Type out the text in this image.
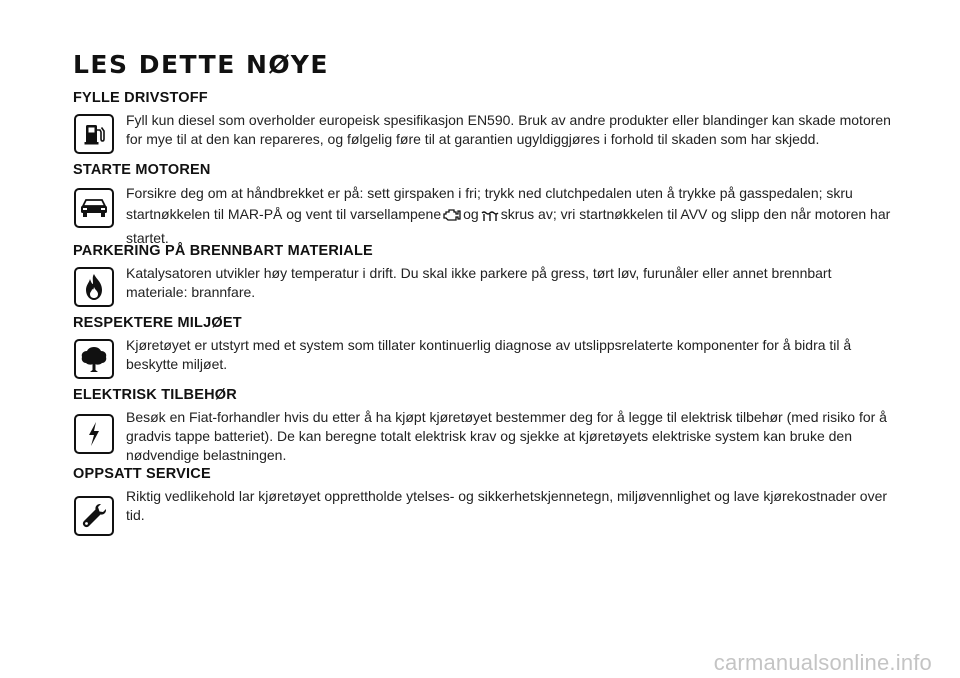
LES DETTE NØYE
FYLLE DRIVSTOFF
Fyll kun diesel som overholder europeisk spesifikasjon EN590. Bruk av andre produkter eller blandinger kan skade motoren for mye til at den kan repareres, og følgelig føre til at garantien ugyldiggjøres i forhold til skaden som har skjedd.
STARTE MOTOREN
Forsikre deg om at håndbrekket er på: sett girspaken i fri; trykk ned clutchpedalen uten å trykke på gasspedalen; skru startnøkkelen til MAR-PÅ og vent til varsellampene og skrus av; vri startnøkkelen til AVV og slipp den når motoren har startet.
PARKERING PÅ BRENNBART MATERIALE
Katalysatoren utvikler høy temperatur i drift. Du skal ikke parkere på gress, tørt løv, furunåler eller annet brennbart materiale: brannfare.
RESPEKTERE MILJØET
Kjøretøyet er utstyrt med et system som tillater kontinuerlig diagnose av utslippsrelaterte komponenter for å bidra til å beskytte miljøet.
ELEKTRISK TILBEHØR
Besøk en Fiat-forhandler hvis du etter å ha kjøpt kjøretøyet bestemmer deg for å legge til elektrisk tilbehør (med risiko for å gradvis tappe batteriet). De kan beregne totalt elektrisk krav og sjekke at kjøretøyets elektriske system kan bruke den nødvendige belastningen.
OPPSATT SERVICE
Riktig vedlikehold lar kjøretøyet opprettholde ytelses- og sikkerhetskjennetegn, miljøvennlighet og lave kjørekostnader over tid.
carmanualsonline.info
